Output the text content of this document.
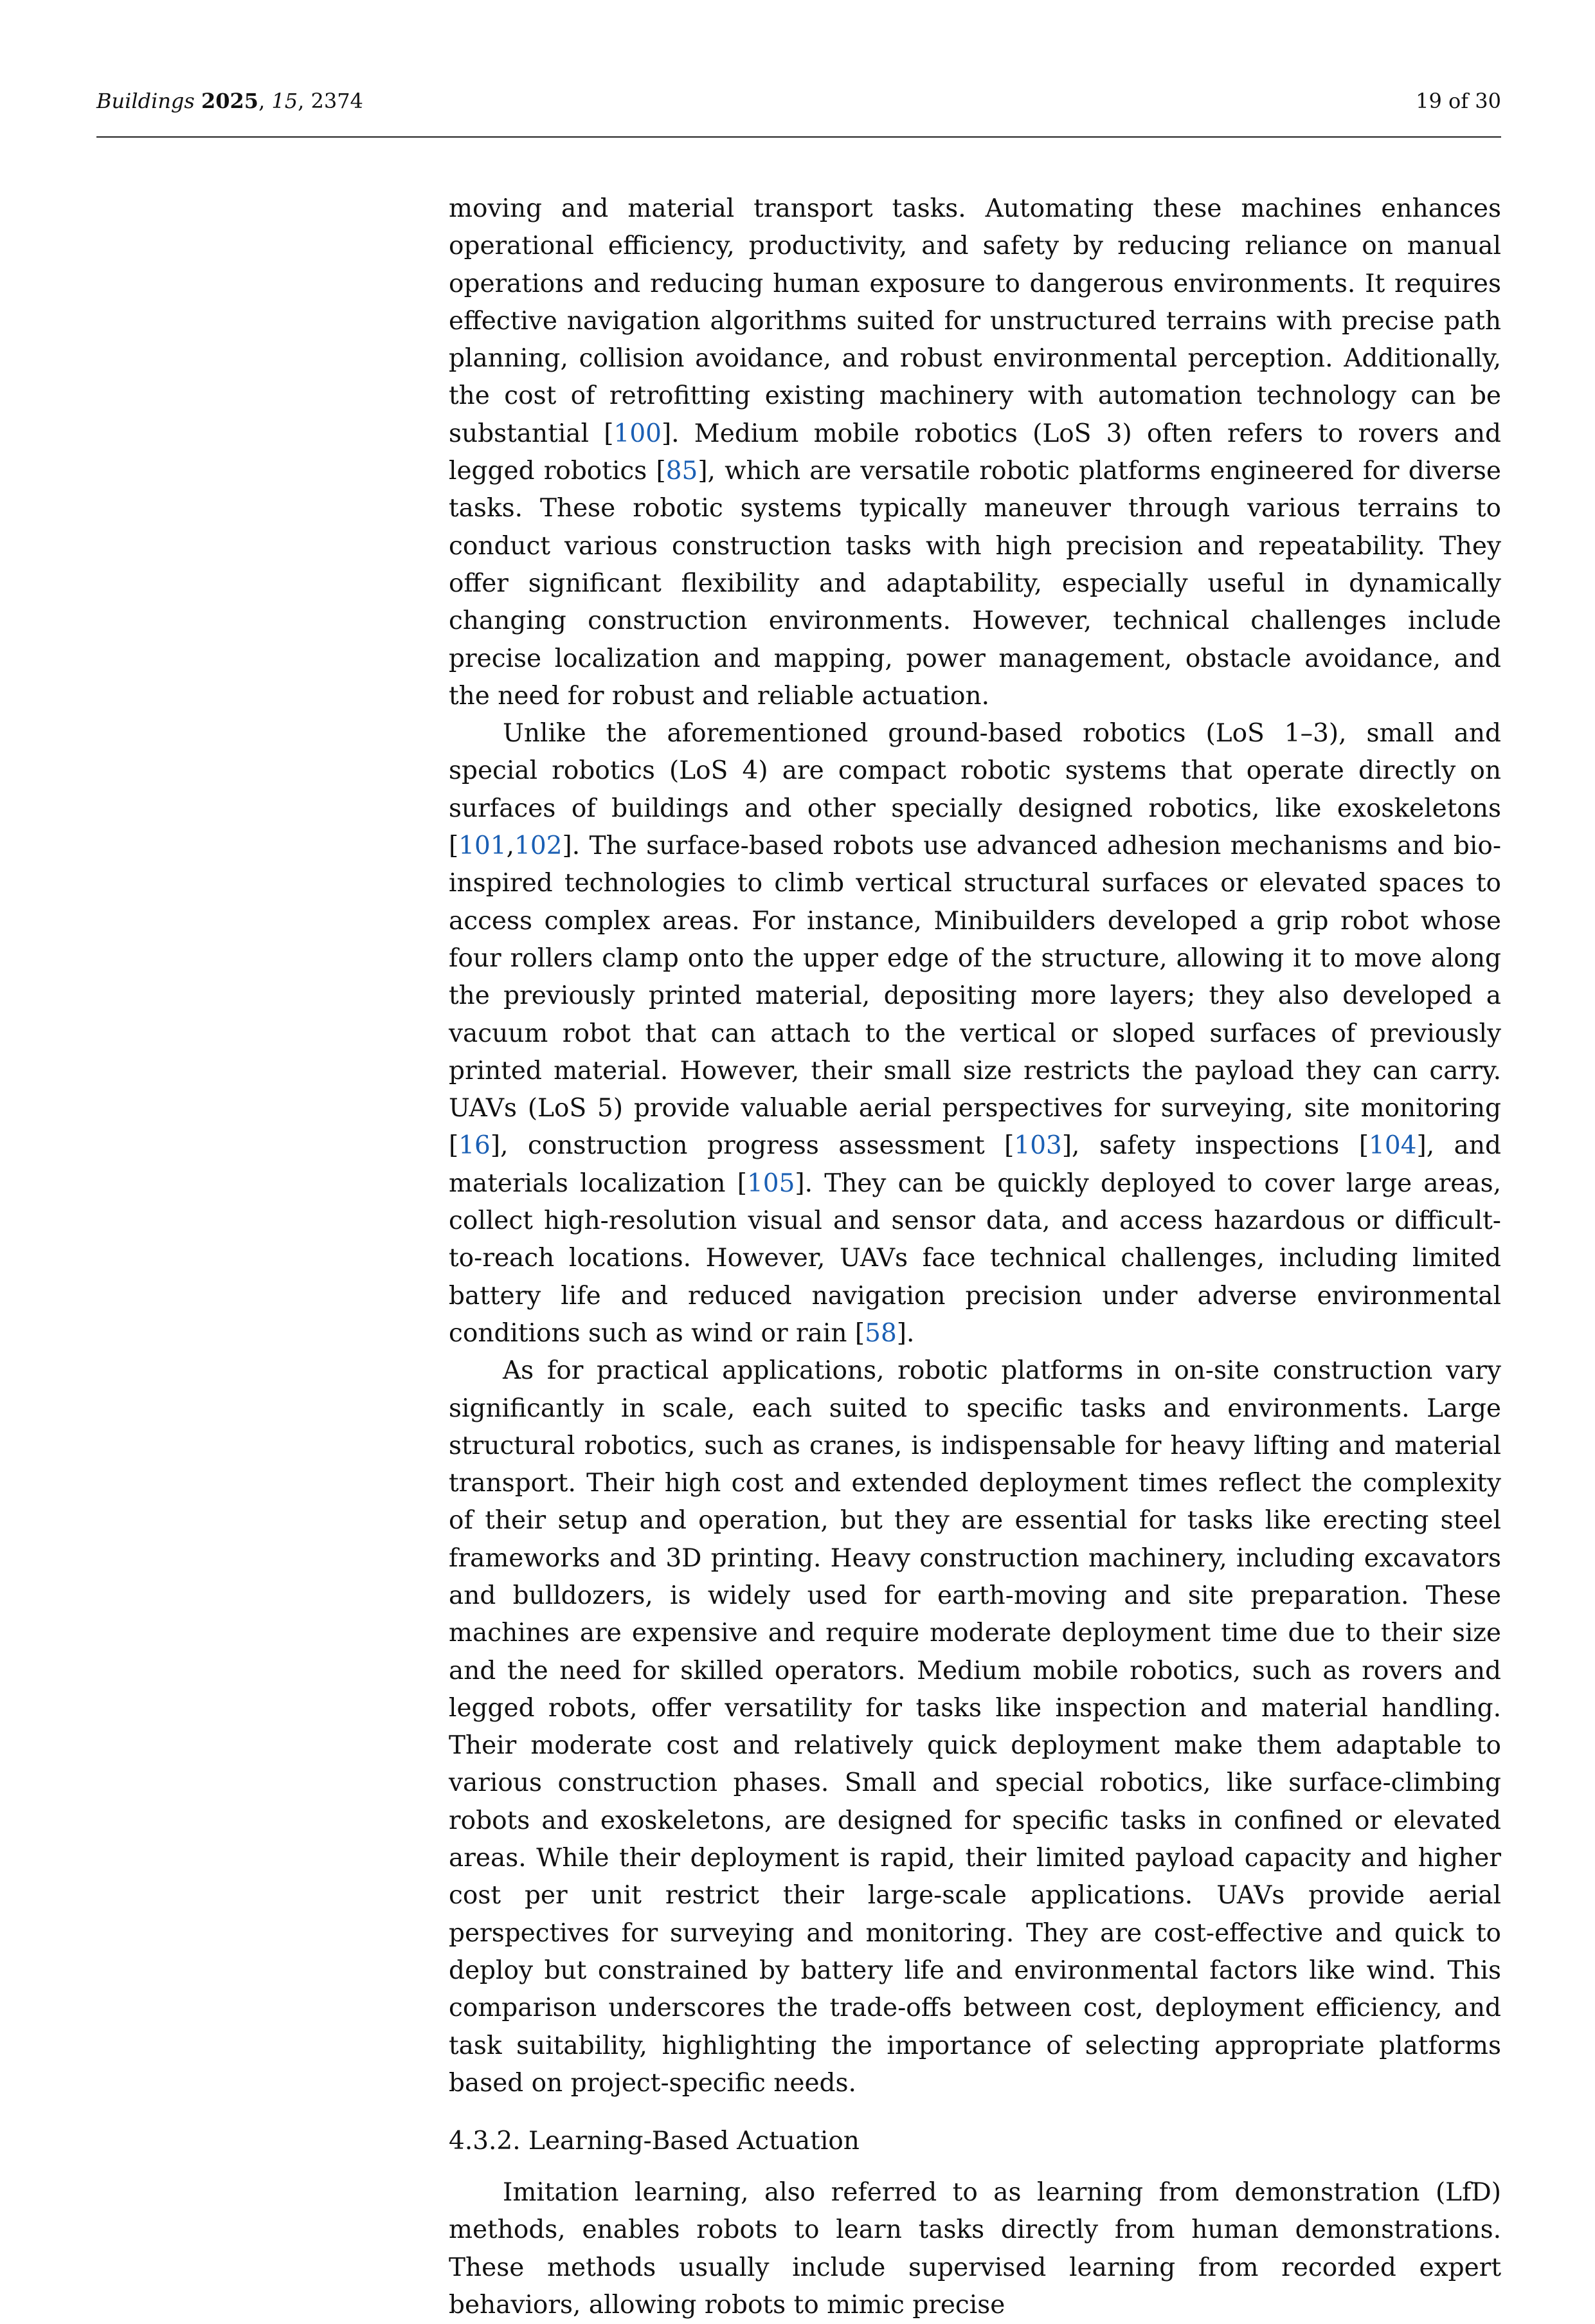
Buildings 2025, 15, 2374	19 of 30

moving and material transport tasks. Automating these machines enhances operational efficiency, productivity, and safety by reducing reliance on manual operations and reducing human exposure to dangerous environments. It requires effective navigation algorithms suited for unstructured terrains with precise path planning, collision avoidance, and robust environmental perception. Additionally, the cost of retrofitting existing machinery with automation technology can be substantial [100]. Medium mobile robotics (LoS 3) often refers to rovers and legged robotics [85], which are versatile robotic platforms engineered for diverse tasks. These robotic systems typically maneuver through various terrains to conduct various construction tasks with high precision and repeatability. They offer significant flexibility and adaptability, especially useful in dynamically changing construction environments. However, technical challenges include precise localization and mapping, power management, obstacle avoidance, and the need for robust and reliable actuation.

Unlike the aforementioned ground-based robotics (LoS 1–3), small and special robotics (LoS 4) are compact robotic systems that operate directly on surfaces of buildings and other specially designed robotics, like exoskeletons [101,102]. The surface-based robots use advanced adhesion mechanisms and bio-inspired technologies to climb vertical structural surfaces or elevated spaces to access complex areas. For instance, Minibuilders developed a grip robot whose four rollers clamp onto the upper edge of the structure, allowing it to move along the previously printed material, depositing more layers; they also developed a vacuum robot that can attach to the vertical or sloped surfaces of previously printed material. However, their small size restricts the payload they can carry. UAVs (LoS 5) provide valuable aerial perspectives for surveying, site monitoring [16], construction progress assessment [103], safety inspections [104], and materials localization [105]. They can be quickly deployed to cover large areas, collect high-resolution visual and sensor data, and access hazardous or difficult-to-reach locations. However, UAVs face technical challenges, including limited battery life and reduced navigation precision under adverse environmental conditions such as wind or rain [58].

As for practical applications, robotic platforms in on-site construction vary significantly in scale, each suited to specific tasks and environments. Large structural robotics, such as cranes, is indispensable for heavy lifting and material transport. Their high cost and extended deployment times reflect the complexity of their setup and operation, but they are essential for tasks like erecting steel frameworks and 3D printing. Heavy construction machinery, including excavators and bulldozers, is widely used for earth-moving and site preparation. These machines are expensive and require moderate deployment time due to their size and the need for skilled operators. Medium mobile robotics, such as rovers and legged robots, offer versatility for tasks like inspection and material handling. Their moderate cost and relatively quick deployment make them adaptable to various construction phases. Small and special robotics, like surface-climbing robots and exoskeletons, are designed for specific tasks in confined or elevated areas. While their deployment is rapid, their limited payload capacity and higher cost per unit restrict their large-scale applications. UAVs provide aerial perspectives for surveying and monitoring. They are cost-effective and quick to deploy but constrained by battery life and environmental factors like wind. This comparison underscores the trade-offs between cost, deployment efficiency, and task suitability, highlighting the importance of selecting appropriate platforms based on project-specific needs.

4.3.2. Learning-Based Actuation

Imitation learning, also referred to as learning from demonstration (LfD) methods, enables robots to learn tasks directly from human demonstrations. These methods usually include supervised learning from recorded expert behaviors, allowing robots to mimic precise
